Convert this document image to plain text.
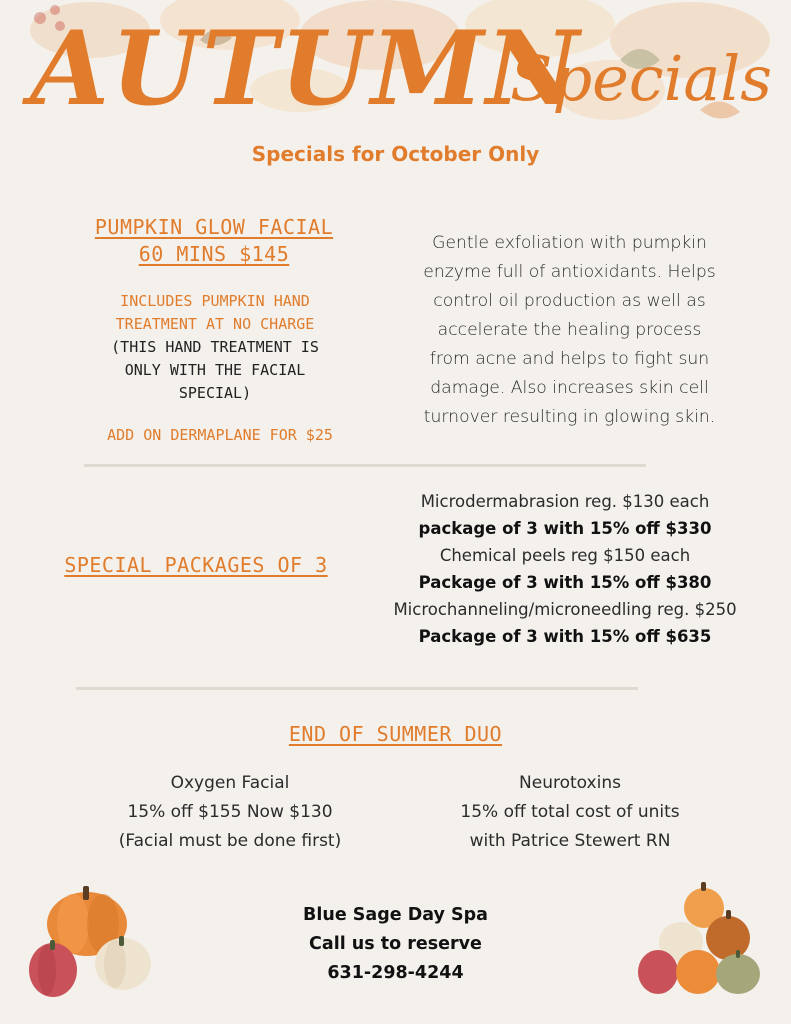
AUTUMN
Specials
Specials for October Only
PUMPKIN GLOW FACIAL
60 MINS $145
INCLUDES PUMPKIN HAND
TREATMENT AT NO CHARGE
(THIS HAND TREATMENT IS
ONLY WITH THE FACIAL
SPECIAL)
ADD ON DERMAPLANE FOR $25
Gentle exfoliation with pumpkin
enzyme full of antioxidants. Helps
control oil production as well as
accelerate the healing process
from acne and helps to fight sun
damage. Also increases skin cell
turnover resulting in glowing skin.
SPECIAL PACKAGES OF 3
Microdermabrasion reg. $130 each
package of 3 with 15% off $330
Chemical peels reg $150 each
Package of 3 with 15% off $380
Microchanneling/microneedling reg. $250
Package of 3 with 15% off $635
END OF SUMMER DUO
Oxygen Facial
15% off $155 Now $130
(Facial must be done first)
Neurotoxins
15% off total cost of units
with Patrice Stewert RN
Blue Sage Day Spa
Call us to reserve
631-298-4244
